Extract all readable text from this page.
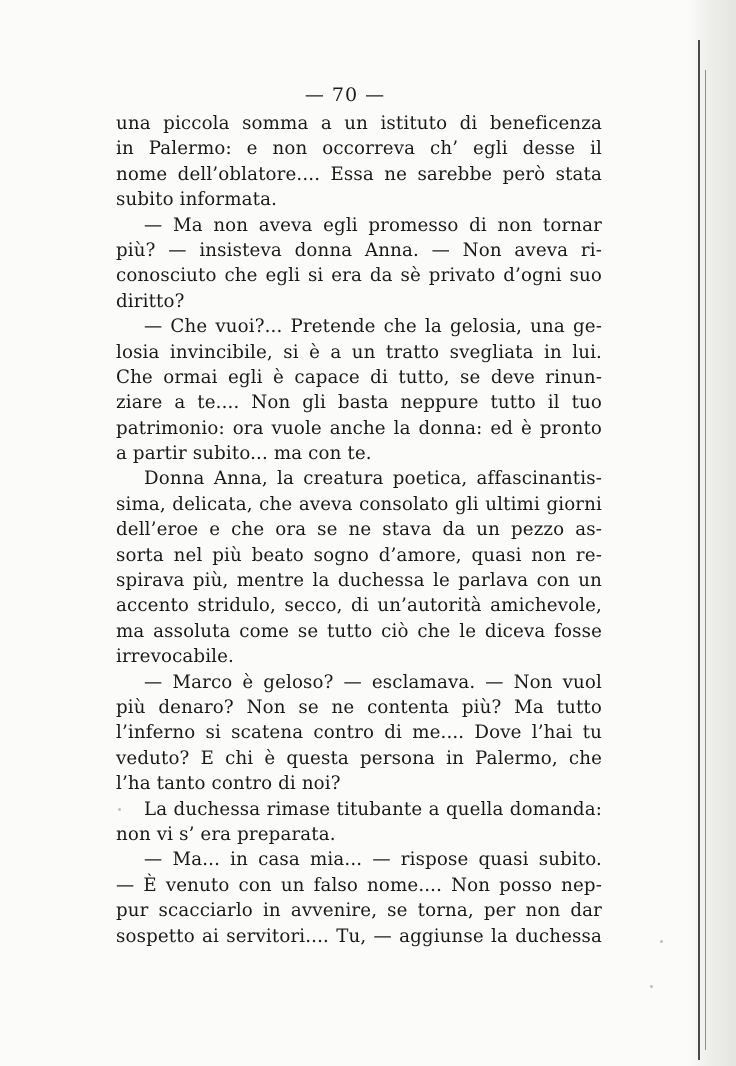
— 70 —
una piccola somma a un istituto di beneficenza
in Palermo: e non occorreva ch’ egli desse il
nome dell’oblatore.... Essa ne sarebbe però stata
subito informata.
— Ma non aveva egli promesso di non tornar
più? — insisteva donna Anna. — Non aveva ri-
conosciuto che egli si era da sè privato d’ogni suo
diritto?
— Che vuoi?... Pretende che la gelosia, una ge-
losia invincibile, si è a un tratto svegliata in lui.
Che ormai egli è capace di tutto, se deve rinun-
ziare a te.... Non gli basta neppure tutto il tuo
patrimonio: ora vuole anche la donna: ed è pronto
a partir subito... ma con te.
Donna Anna, la creatura poetica, affascinantis-
sima, delicata, che aveva consolato gli ultimi giorni
dell’eroe e che ora se ne stava da un pezzo as-
sorta nel più beato sogno d’amore, quasi non re-
spirava più, mentre la duchessa le parlava con un
accento stridulo, secco, di un’autorità amichevole,
ma assoluta come se tutto ciò che le diceva fosse
irrevocabile.
— Marco è geloso? — esclamava. — Non vuol
più denaro? Non se ne contenta più? Ma tutto
l’inferno si scatena contro di me.... Dove l’hai tu
veduto? E chi è questa persona in Palermo, che
l’ha tanto contro di noi?
La duchessa rimase titubante a quella domanda:
non vi s’ era preparata.
— Ma... in casa mia... — rispose quasi subito.
— È venuto con un falso nome.... Non posso nep-
pur scacciarlo in avvenire, se torna, per non dar
sospetto ai servitori.... Tu, — aggiunse la duchessa
